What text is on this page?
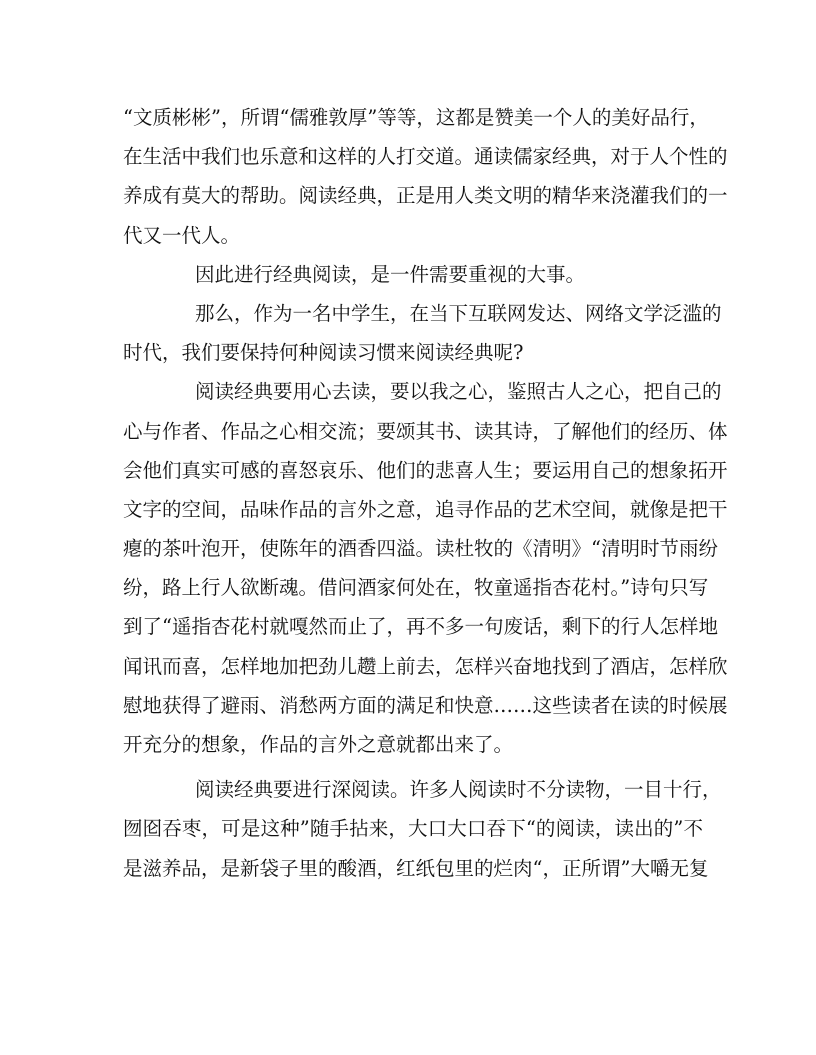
“文质彬彬”，所谓“儒雅敦厚”等等，这都是赞美一个人的美好品行，
在生活中我们也乐意和这样的人打交道。通读儒家经典，对于人个性的
养成有莫大的帮助。阅读经典，正是用人类文明的精华来浇灌我们的一
代又一代人。
因此进行经典阅读，是一件需要重视的大事。
那么，作为一名中学生，在当下互联网发达、网络文学泛滥的
时代，我们要保持何种阅读习惯来阅读经典呢?
阅读经典要用心去读，要以我之心，鉴照古人之心，把自己的
心与作者、作品之心相交流；要颂其书、读其诗，了解他们的经历、体
会他们真实可感的喜怒哀乐、他们的悲喜人生；要运用自己的想象拓开
文字的空间，品味作品的言外之意，追寻作品的艺术空间，就像是把干
瘪的茶叶泡开，使陈年的酒香四溢。读杜牧的《清明》“清明时节雨纷
纷，路上行人欲断魂。借问酒家何处在，牧童遥指杏花村。”诗句只写
到了“遥指杏花村就嘎然而止了，再不多一句废话，剩下的行人怎样地
闻讯而喜，怎样地加把劲儿趱上前去，怎样兴奋地找到了酒店，怎样欣
慰地获得了避雨、消愁两方面的满足和快意……这些读者在读的时候展
开充分的想象，作品的言外之意就都出来了。
阅读经典要进行深阅读。许多人阅读时不分读物，一目十行，
囫囵吞枣，可是这种”随手拈来，大口大口吞下“的阅读，读出的”不
是滋养品，是新袋子里的酸酒，红纸包里的烂肉“，正所谓”大嚼无复
